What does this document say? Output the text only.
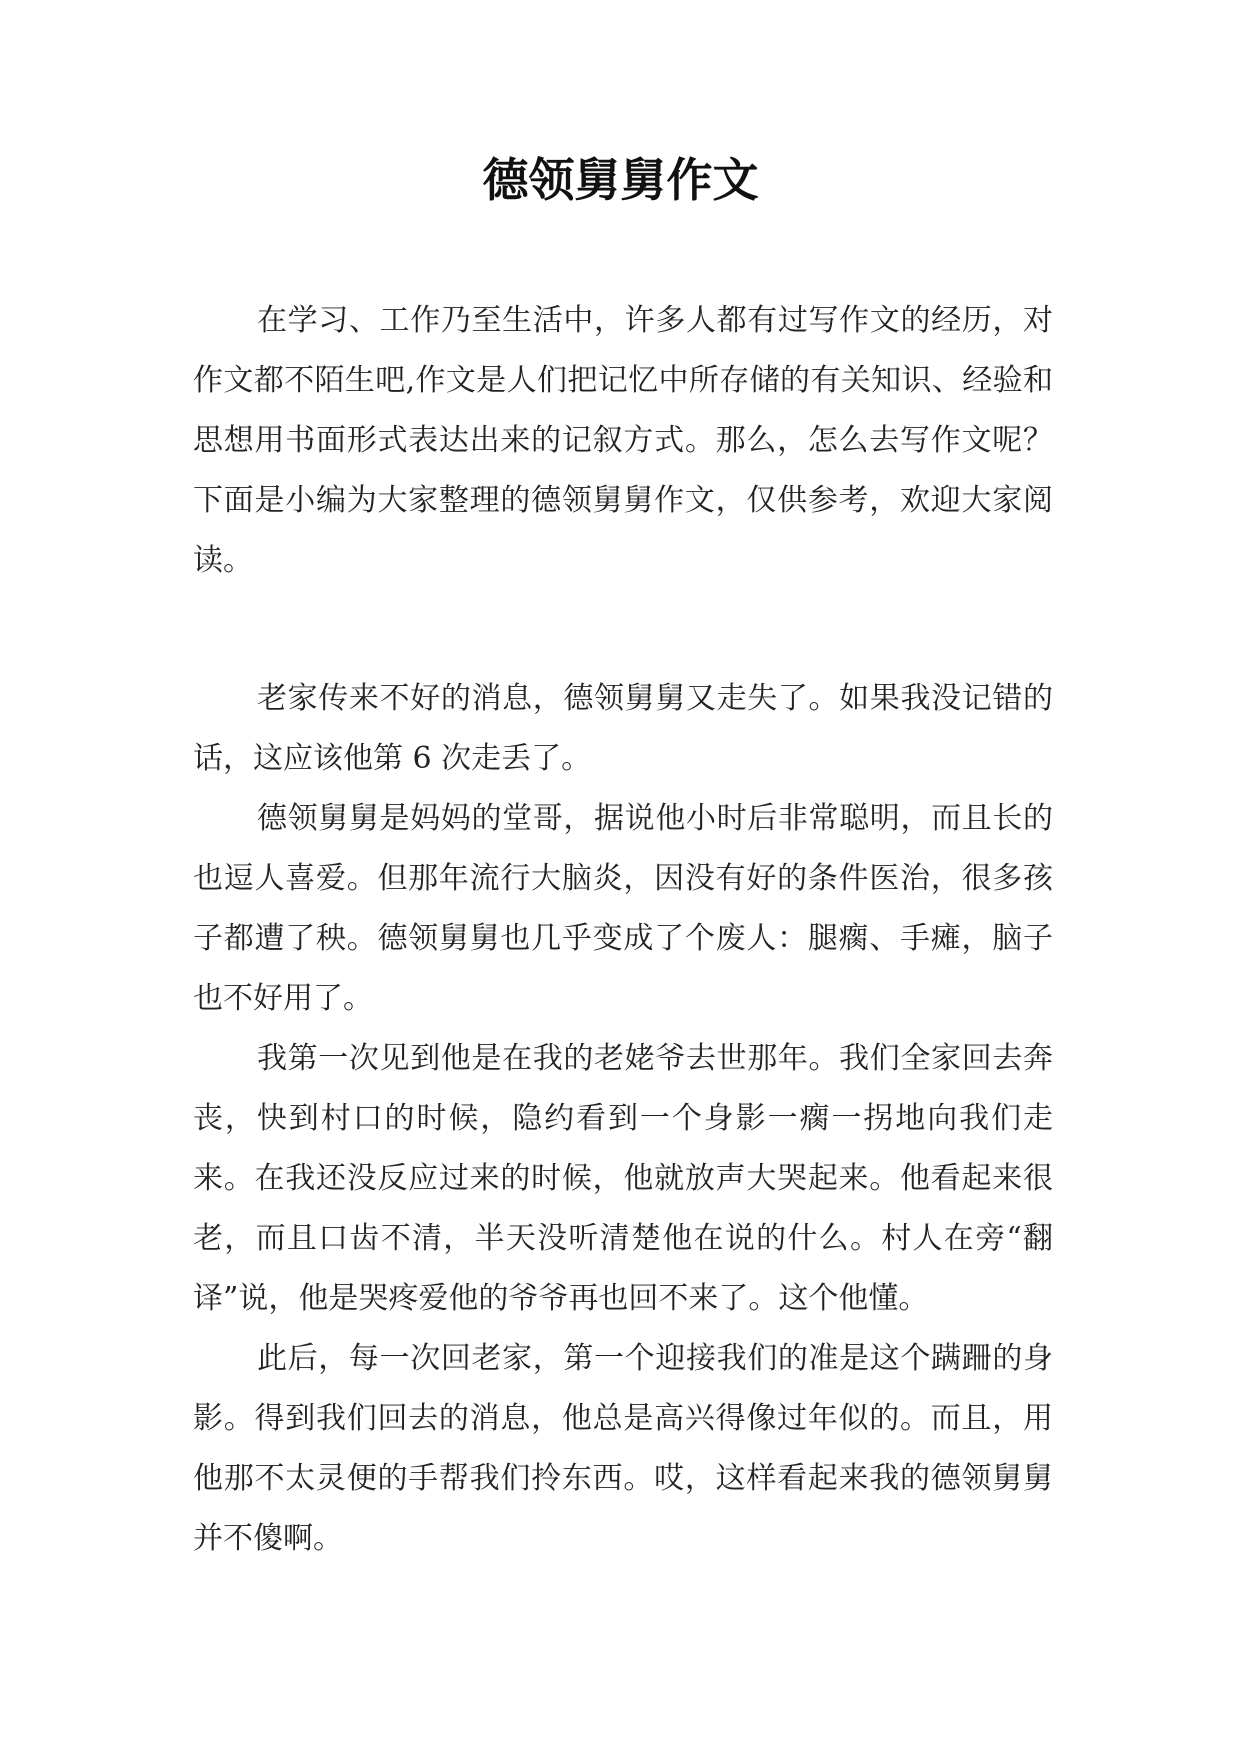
德领舅舅作文

在学习、工作乃至生活中，许多人都有过写作文的经历，对作文都不陌生吧,作文是人们把记忆中所存储的有关知识、经验和思想用书面形式表达出来的记叙方式。那么，怎么去写作文呢？下面是小编为大家整理的德领舅舅作文，仅供参考，欢迎大家阅读。

老家传来不好的消息，德领舅舅又走失了。如果我没记错的话，这应该他第 6 次走丢了。

德领舅舅是妈妈的堂哥，据说他小时后非常聪明，而且长的也逗人喜爱。但那年流行大脑炎，因没有好的条件医治，很多孩子都遭了秧。德领舅舅也几乎变成了个废人：腿瘸、手瘫，脑子也不好用了。

我第一次见到他是在我的老姥爷去世那年。我们全家回去奔丧，快到村口的时候，隐约看到一个身影一瘸一拐地向我们走来。在我还没反应过来的时候，他就放声大哭起来。他看起来很老，而且口齿不清，半天没听清楚他在说的什么。村人在旁“翻译”说，他是哭疼爱他的爷爷再也回不来了。这个他懂。

此后，每一次回老家，第一个迎接我们的准是这个蹒跚的身影。得到我们回去的消息，他总是高兴得像过年似的。而且，用他那不太灵便的手帮我们拎东西。哎，这样看起来我的德领舅舅并不傻啊。
